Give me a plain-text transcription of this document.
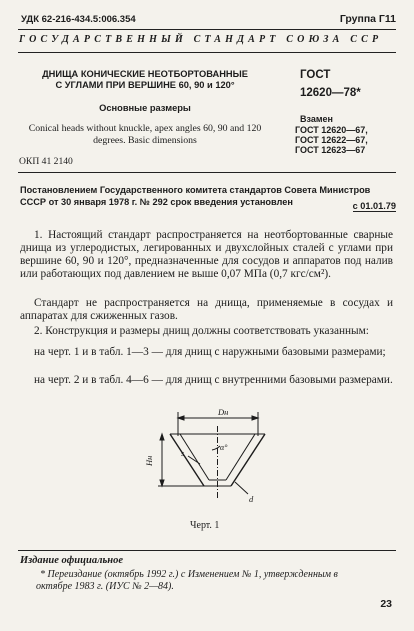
УДК 62-216-434.5:006.354	Группа Г11
ГОСУДАРСТВЕННЫЙ СТАНДАРТ СОЮЗА ССР
ДНИЩА КОНИЧЕСКИЕ НЕОТБОРТОВАННЫЕ
С УГЛАМИ ПРИ ВЕРШИНЕ 60, 90 и 120°
Основные размеры
Conical heads without knuckle, apex angles 60, 90 and 120 degrees. Basic dimensions
ОКП 41 2140
ГОСТ
12620—78*
Взамен
ГОСТ 12620—67,
ГОСТ 12622—67,
ГОСТ 12623—67
Постановлением Государственного комитета стандартов Совета Министров СССР от 30 января 1978 г. № 292 срок введения установлен	с 01.01.79
1. Настоящий стандарт распространяется на неотбортованные сварные днища из углеродистых, легированных и двухслойных сталей с углами при вершине 60, 90 и 120°, предназначенные для сосудов и аппаратов под налив или работающих под давлением не выше 0,07 МПа (0,7 кгс/см²).
Стандарт не распространяется на днища, применяемые в сосудах и аппаратах для сжиженных газов.
2. Конструкция и размеры днищ должны соответствовать указанным:
на черт. 1 и в табл. 1—3 — для днищ с наружными базовыми размерами;
на черт. 2 и в табл. 4—6 — для днищ с внутренними базовыми размерами.
Dн
Hн
s
α°
d
Черт. 1
Издание официальное
* Переиздание (октябрь 1992 г.) с Изменением № 1, утвержденным в октябре 1983 г. (ИУС № 2—84).
23
